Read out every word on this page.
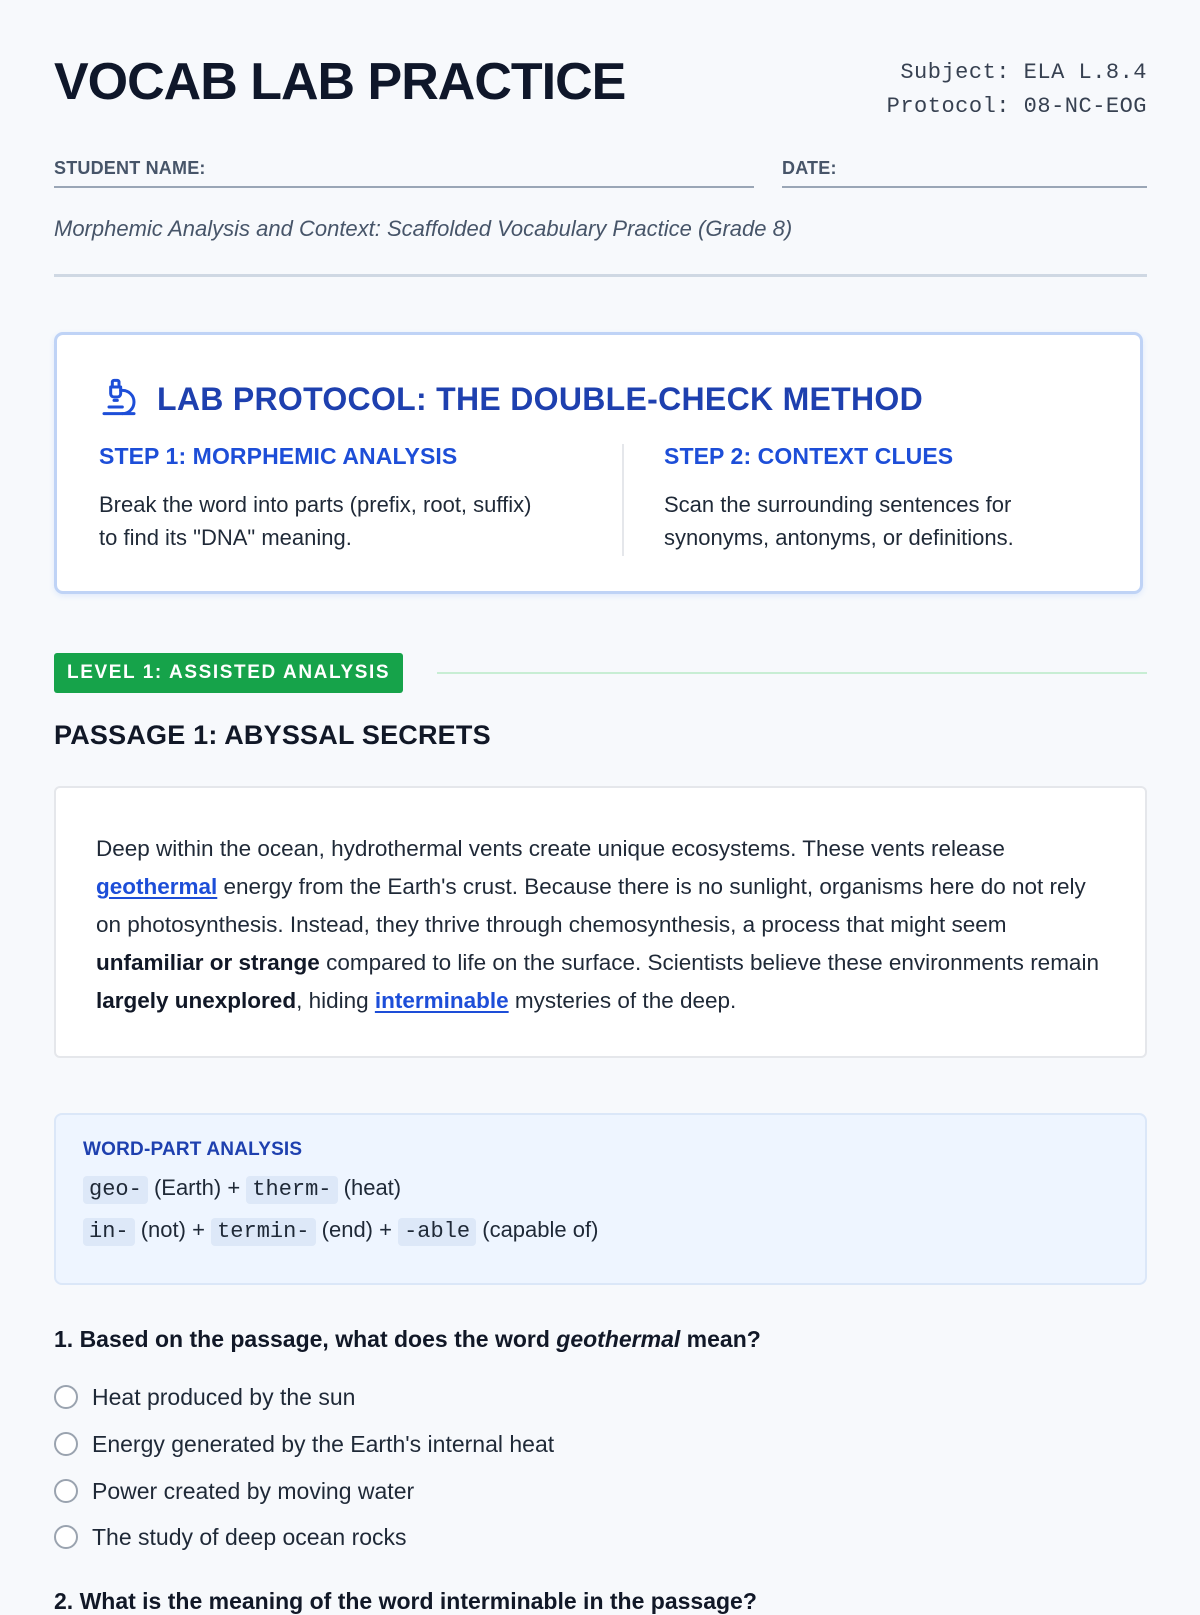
VOCAB LAB PRACTICE	Subject: ELA L.8.4
Protocol: 08-NC-EOG
STUDENT NAME:	DATE:
Morphemic Analysis and Context: Scaffolded Vocabulary Practice (Grade 8)
LAB PROTOCOL: THE DOUBLE-CHECK METHOD
STEP 1: MORPHEMIC ANALYSIS
Break the word into parts (prefix, root, suffix) to find its "DNA" meaning.
STEP 2: CONTEXT CLUES
Scan the surrounding sentences for synonyms, antonyms, or definitions.
LEVEL 1: ASSISTED ANALYSIS
PASSAGE 1: ABYSSAL SECRETS

Deep within the ocean, hydrothermal vents create unique ecosystems. These vents release geothermal energy from the Earth's crust. Because there is no sunlight, organisms here do not rely on photosynthesis. Instead, they thrive through chemosynthesis, a process that might seem unfamiliar or strange compared to life on the surface. Scientists believe these environments remain largely unexplored, hiding interminable mysteries of the deep.

WORD-PART ANALYSIS
geo- (Earth) + therm- (heat)
in- (not) + termin- (end) + -able (capable of)
1. Based on the passage, what does the word geothermal mean?
Heat produced by the sun
Energy generated by the Earth's internal heat
Power created by moving water
The study of deep ocean rocks
2. What is the meaning of the word interminable in the passage?
